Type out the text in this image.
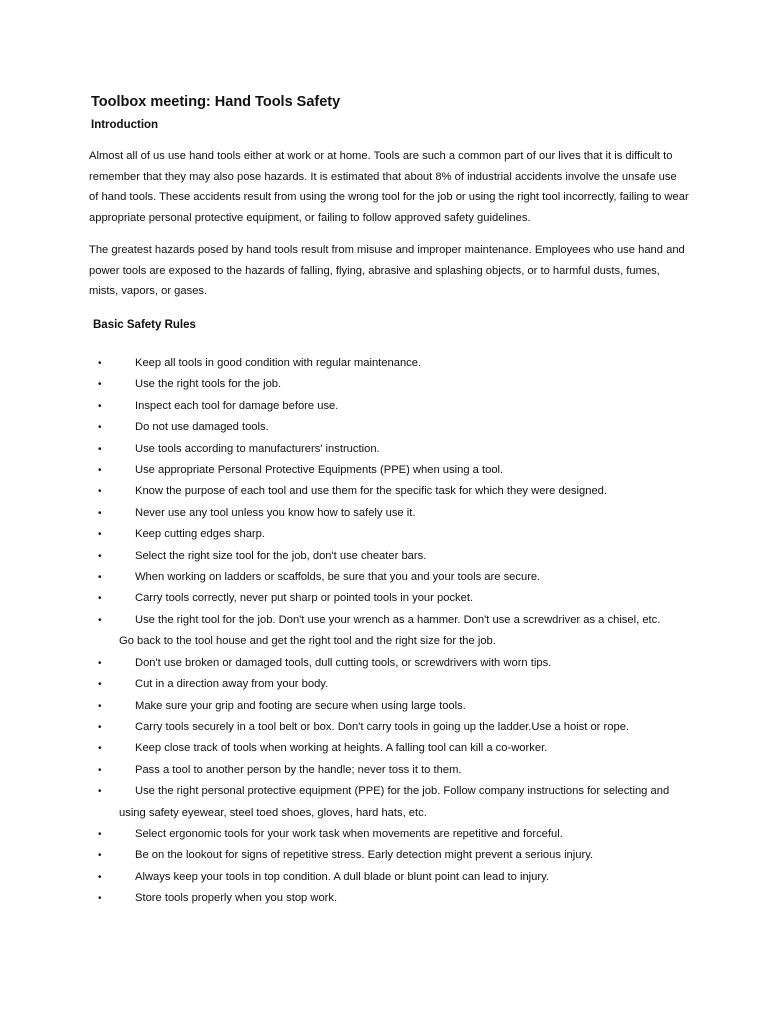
Toolbox meeting: Hand Tools Safety
Introduction

Almost all of us use hand tools either at work or at home. Tools are such a common part of our lives that it is difficult to remember that they may also pose hazards. It is estimated that about 8% of industrial accidents involve the unsafe use of hand tools. These accidents result from using the wrong tool for the job or using the right tool incorrectly, failing to wear appropriate personal protective equipment, or failing to follow approved safety guidelines.

The greatest hazards posed by hand tools result from misuse and improper maintenance. Employees who use hand and power tools are exposed to the hazards of falling, flying, abrasive and splashing objects, or to harmful dusts, fumes, mists, vapors, or gases.

Basic Safety Rules
•	Keep all tools in good condition with regular maintenance.
•	Use the right tools for the job.
•	Inspect each tool for damage before use.
•	Do not use damaged tools.
•	Use tools according to manufacturers' instruction.
•	Use appropriate Personal Protective Equipments (PPE) when using a tool.
•	Know the purpose of each tool and use them for the specific task for which they were designed.
•	Never use any tool unless you know how to safely use it.
•	Keep cutting edges sharp.
•	Select the right size tool for the job, don't use cheater bars.
•	When working on ladders or scaffolds, be sure that you and your tools are secure.
•	Carry tools correctly, never put sharp or pointed tools in your pocket.
•	Use the right tool for the job. Don't use your wrench as a hammer. Don't use a screwdriver as a chisel, etc.
Go back to the tool house and get the right tool and the right size for the job.
•	Don't use broken or damaged tools, dull cutting tools, or screwdrivers with worn tips.
•	Cut in a direction away from your body.
•	Make sure your grip and footing are secure when using large tools.
•	Carry tools securely in a tool belt or box. Don't carry tools in going up the ladder.Use a hoist or rope.
•	Keep close track of tools when working at heights. A falling tool can kill a co-worker.
•	Pass a tool to another person by the handle; never toss it to them.
•	Use the right personal protective equipment (PPE) for the job. Follow company instructions for selecting and
using safety eyewear, steel toed shoes, gloves, hard hats, etc.
•	Select ergonomic tools for your work task when movements are repetitive and forceful.
•	Be on the lookout for signs of repetitive stress. Early detection might prevent a serious injury.
•	Always keep your tools in top condition. A dull blade or blunt point can lead to injury.
•	Store tools properly when you stop work.
